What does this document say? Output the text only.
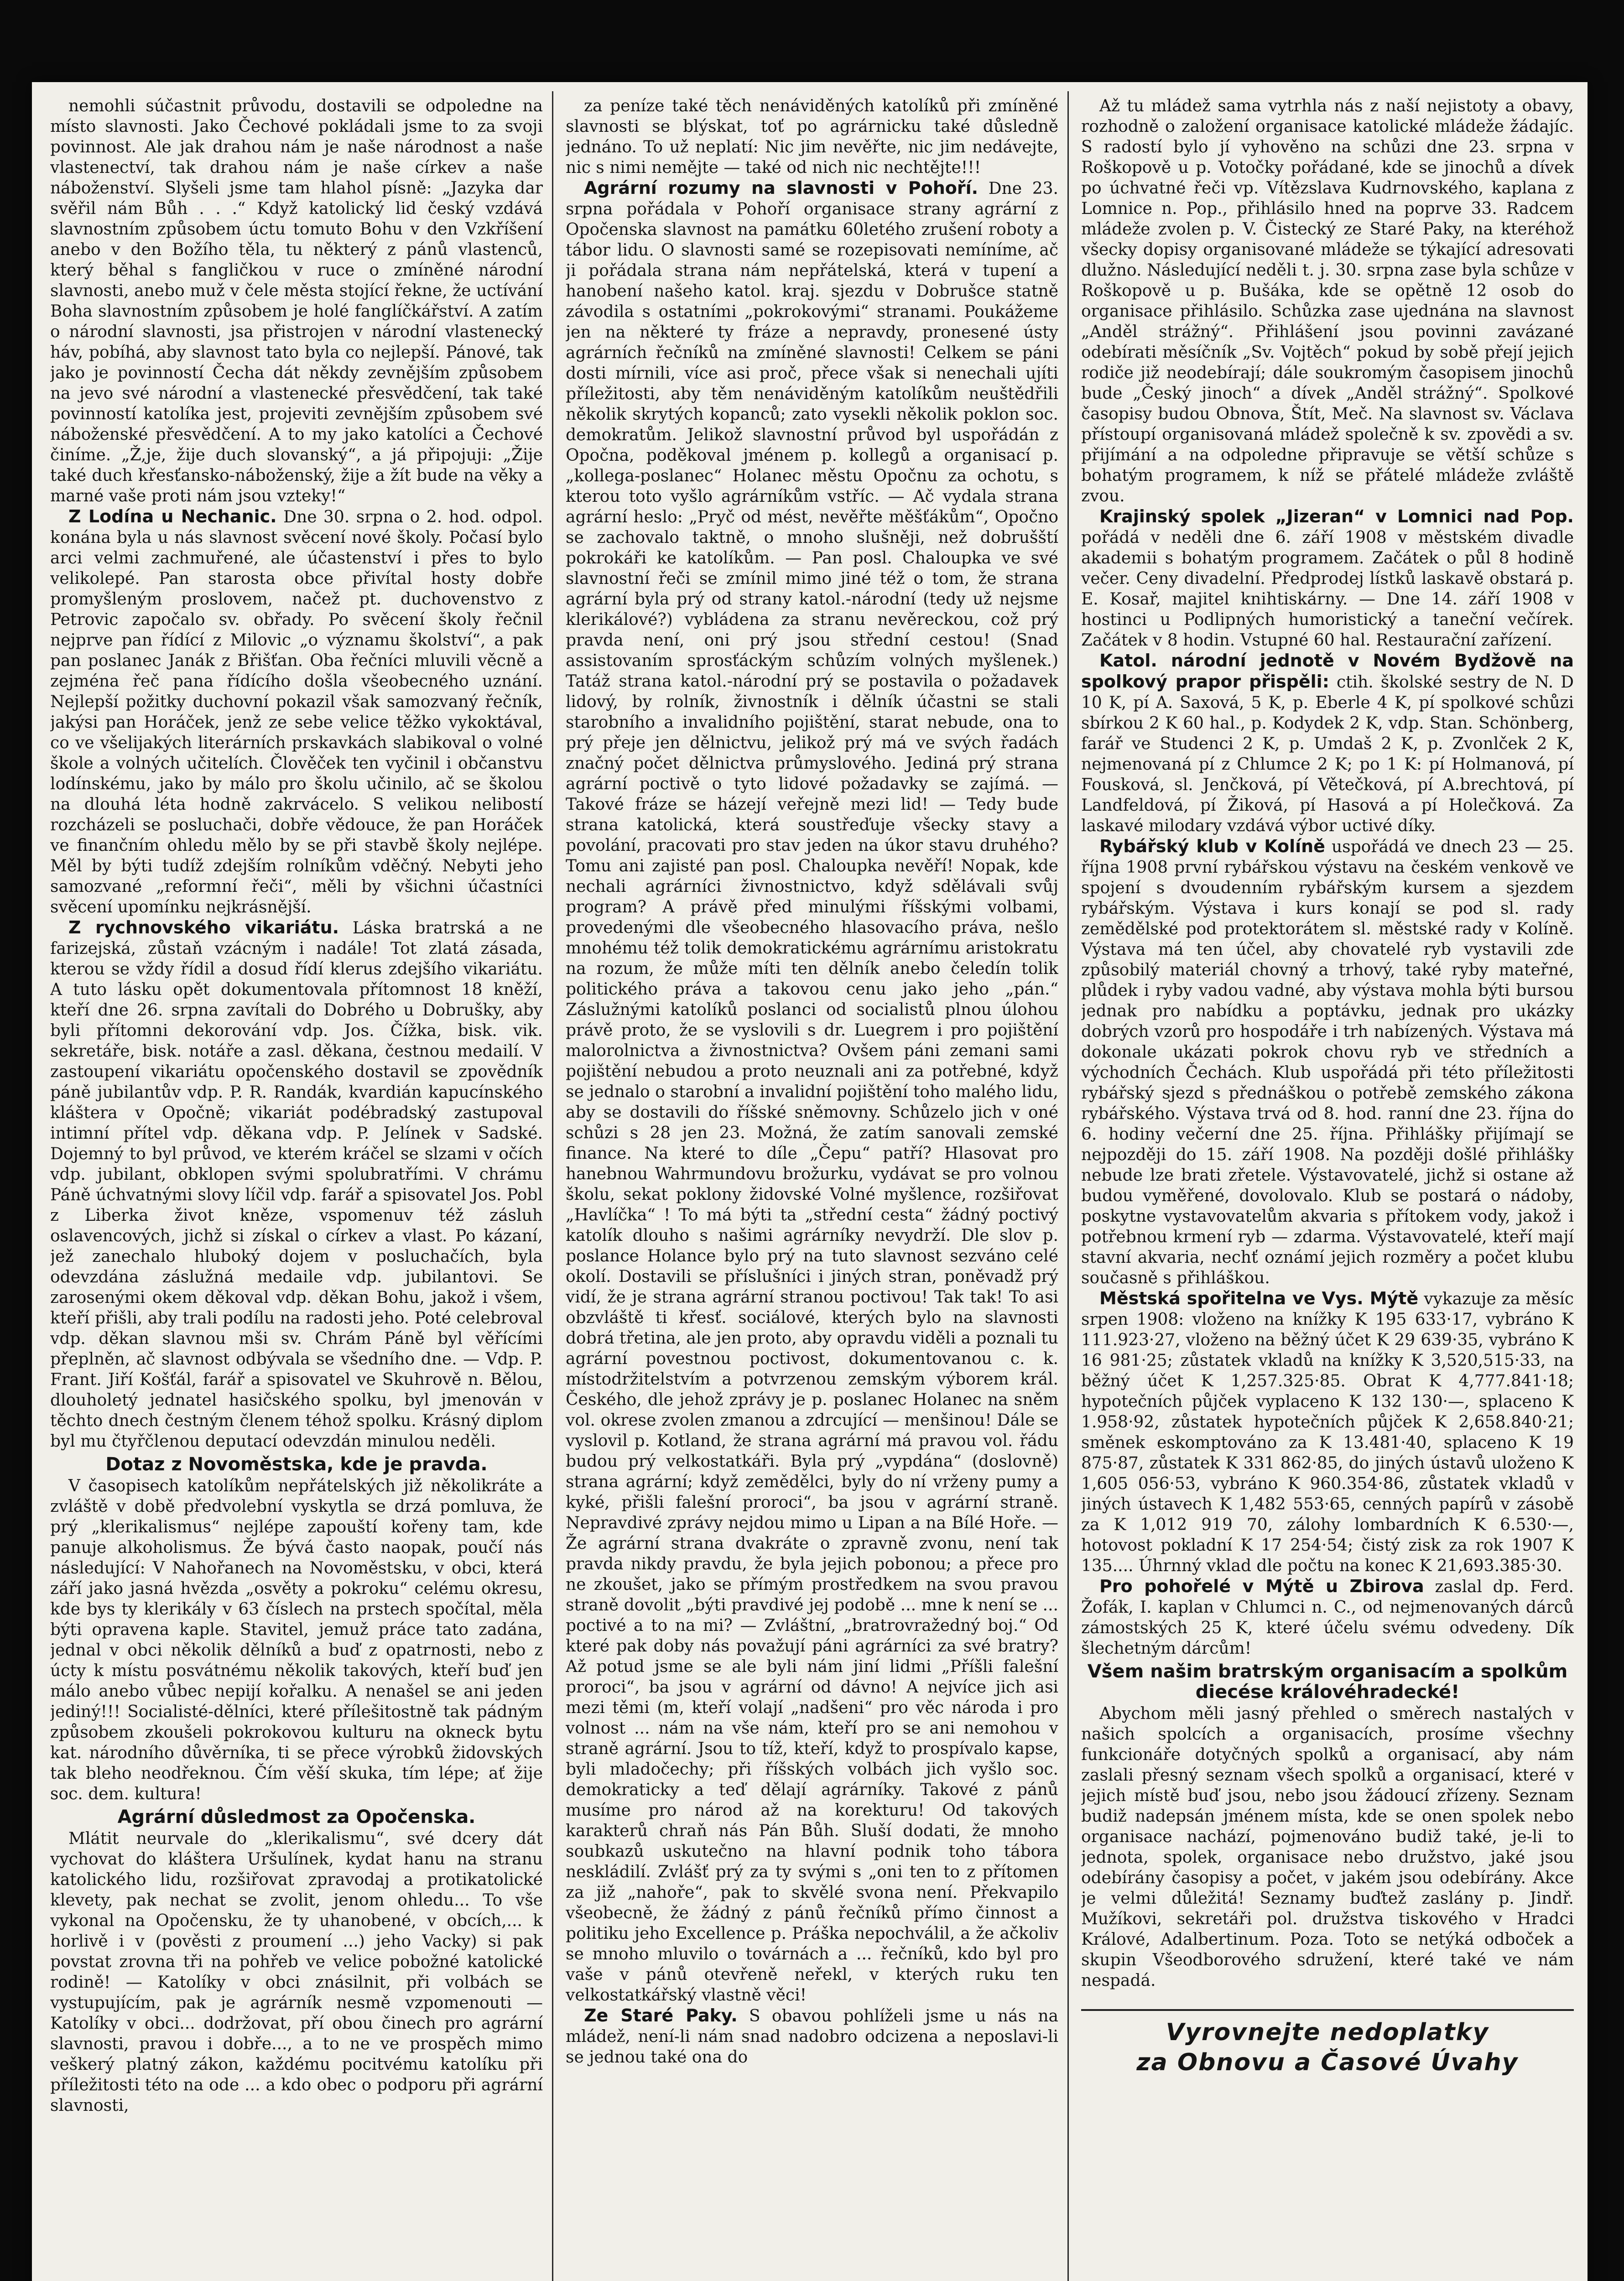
nemohli súčastnit průvodu, dostavili se odpoledne na místo slavnosti. Jako Čechové pokládali jsme to za svoji povinnost. Ale jak drahou nám je naše národnost a naše vlastenectví, tak drahou nám je naše církev a naše náboženství. Slyšeli jsme tam hlahol písně: „Jazyka dar svěřil nám Bůh . . .“ Když katolický lid český vzdává slavnostním způsobem úctu tomuto Bohu v den Vzkříšení anebo v den Božího těla, tu některý z pánů vlastenců, který běhal s fangličkou v ruce o zmíněné národní slavnosti, anebo muž v čele města stojící řekne, že uctívání Boha slavnostním způsobem je holé fanglíčkářství. A zatím o národní slavnosti, jsa přistrojen v národní vlastenecký háv, pobíhá, aby slavnost tato byla co nejlepší. Pánové, tak jako je povinností Čecha dát někdy zevnějším způsobem na jevo své národní a vlastenecké přesvědčení, tak také povinností katolíka jest, projeviti zevnějším způsobem své náboženské přesvědčení. A to my jako katolíci a Čechové činíme. „Ž,je, žije duch slovanský“, a já připojuji: „Žije také duch křesťansko-náboženský, žije a žít bude na věky a marné vaše proti nám jsou vzteky!“

Z Lodína u Nechanic. Dne 30. srpna o 2. hod. odpol. konána byla u nás slavnost svěcení nové školy. Počasí bylo arci velmi zachmuřené, ale účastenství i přes to bylo velikolepé. Pan starosta obce přivítal hosty dobře promyšleným proslovem, načež pt. duchovenstvo z Petrovic započalo sv. obřady. Po svěcení školy řečnil nejprve pan řídící z Milovic „o významu školství“, a pak pan poslanec Janák z Břišťan. Oba řečníci mluvili věcně a zejména řeč pana řídícího došla všeobecného uznání. Nejlepší požitky duchovní pokazil však samozvaný řečník, jakýsi pan Horáček, jenž ze sebe velice těžko vykoktával, co ve všelijakých literárních prskavkách slabikoval o volné škole a volných učitelích. Člověček ten vyčinil i občanstvu lodínskému, jako by málo pro školu učinilo, ač se školou na dlouhá léta hodně zakrvácelo. S velikou nelibostí rozcházeli se posluchači, dobře vědouce, že pan Horáček ve finančním ohledu mělo by se při stavbě školy nejlépe. Měl by býti tudíž zdejším rolníkům vděčný. Nebyti jeho samozvané „reformní řeči“, měli by všichni účastníci svěcení upomínku nejkrásnější.

Z rychnovského vikariátu. Láska bratrská a ne farizejská, zůstaň vzácným i nadále! Tot zlatá zásada, kterou se vždy řídil a dosud řídí klerus zdejšího vikariátu. A tuto lásku opět dokumentovala přítomnost 18 kněží, kteří dne 26. srpna zavítali do Dobrého u Dobrušky, aby byli přítomni dekorování vdp. Jos. Čížka, bisk. vik. sekretáře, bisk. notáře a zasl. děkana, čestnou medailí. V zastoupení vikariátu opočenského dostavil se zpovědník páně jubilantův vdp. P. R. Randák, kvardián kapucínského kláštera v Opočně; vikariát podébradský zastupoval intimní přítel vdp. děkana vdp. P. Jelínek v Sadské. Dojemný to byl průvod, ve kterém kráčel se slzami v očích vdp. jubilant, obklopen svými spolubratřími. V chrámu Páně úchvatnými slovy líčil vdp. farář a spisovatel Jos. Pobl z Liberka život kněze, vspomenuv též zásluh oslavencových, jichž si získal o církev a vlast. Po kázaní, jež zanechalo hluboký dojem v posluchačích, byla odevzdána záslužná medaile vdp. jubilantovi. Se zarosenými okem děkoval vdp. děkan Bohu, jakož i všem, kteří přišli, aby trali podílu na radosti jeho. Poté celebroval vdp. děkan slavnou mši sv. Chrám Páně byl věřícími přeplněn, ač slavnost odbývala se všedního dne. — Vdp. P. Frant. Jiří Košťál, farář a spisovatel ve Skuhrově n. Bělou, dlouholetý jednatel hasičského spolku, byl jmenován v těchto dnech čestným členem téhož spolku. Krásný diplom byl mu čtyřčlenou deputací odevzdán minulou neděli.

Dotaz z Novoměstska, kde je pravda.

V časopisech katolíkům nepřátelských již několikráte a zvláště v době předvolební vyskytla se drzá pomluva, že prý „klerikalismus“ nejlépe zapouští kořeny tam, kde panuje alkoholismus. Že bývá často naopak, poučí nás následující: V Nahořanech na Novoměstsku, v obci, která září jako jasná hvězda „osvěty a pokroku“ celému okresu, kde bys ty klerikály v 63 číslech na prstech spočítal, měla býti opravena kaple. Stavitel, jemuž práce tato zadána, jednal v obci několik dělníků a buď z opatrnosti, nebo z úcty k místu posvátnému několik takových, kteří buď jen málo anebo vůbec nepijí kořalku. A nenašel se ani jeden jediný!!! Socialisté-dělníci, které přílešitostně tak pádným způsobem zkoušeli pokrokovou kulturu na okneck bytu kat. národního důvěrníka, ti se přece výrobků židovských tak bleho neodřeknou. Čím věší skuka, tím lépe; ať žije soc. dem. kultura!

Agrární důsledmost za Opočenska.

Mlátit neurvale do „klerikalismu“, své dcery dát vychovat do kláštera Uršulínek, kydat hanu na stranu katolického lidu, rozšiřovat zpravodaj a protikatolické klevety, pak nechat se zvolit, jenom ohledu... To vše vykonal na Opočensku, že ty uhanobené, v obcích,... k horlivě i v (pověsti z proumení ...) jeho Vacky) si pak povstat zrovna tři na pohřeb ve velice pobožné katolické rodině! — Katolíky v obci znásilnit, při volbách se vystupujícím, pak je agrárník nesmě vzpomenouti — Katolíky v obci... dodržovat, pří obou činech pro agrární slavnosti, pravou i dobře..., a to ne ve prospěch mimo veškerý platný zákon, každému pocitvému katolíku při příležitosti této na ode ... a kdo obec o podporu při agrární slavnosti,

za peníze také těch nenáviděných katolíků při zmíněné slavnosti se blýskat, toť po agrárnicku také důsledně jednáno. To už neplatí: Nic jim nevěřte, nic jim nedávejte, nic s nimi nemějte — také od nich nic nechtějte!!!

Agrární rozumy na slavnosti v Pohoří. Dne 23. srpna pořádala v Pohoří organisace strany agrární z Opočenska slavnost na památku 60letého zrušení roboty a tábor lidu. O slavnosti samé se rozepisovati nemíníme, ač ji pořádala strana nám nepřátelská, která v tupení a hanobení našeho katol. kraj. sjezdu v Dobrušce statně závodila s ostatními „pokrokovými“ stranami. Poukážeme jen na některé ty fráze a nepravdy, pronesené ústy agrárních řečníků na zmíněné slavnosti! Celkem se páni dosti mírnili, více asi proč, přece však si nenechali ujíti příležitosti, aby těm nenáviděným katolíkům neuštědřili několik skrytých kopanců; zato vysekli několik poklon soc. demokratům. Jelikož slavnostní průvod byl uspořádán z Opočna, poděkoval jménem p. kollegů a organisací p. „kollega-poslanec“ Holanec městu Opočnu za ochotu, s kterou toto vyšlo agrárníkům vstříc. — Ač vydala strana agrární heslo: „Pryč od mést, nevěřte měšťákům“, Opočno se zachovalo taktně, o mnoho slušněji, než dobrušští pokrokáři ke katolíkům. — Pan posl. Chaloupka ve své slavnostní řeči se zmínil mimo jiné též o tom, že strana agrární byla prý od strany katol.-národní (tedy už nejsme klerikálové?) vybládena za stranu nevěreckou, což prý pravda není, oni prý jsou střední cestou! (Snad assistovaním sprosťáckým schůzím volných myšlenek.) Tatáž strana katol.-národní prý se postavila o požadavek lidový, by rolník, živnostník i dělník účastni se stali starobního a invalidního pojištění, starat nebude, ona to prý přeje jen dělnictvu, jelikož prý má ve svých řadách značný počet dělnictva průmyslového. Jediná prý strana agrární poctivě o tyto lidové požadavky se zajímá. — Takové fráze se házejí veřejně mezi lid! — Tedy bude strana katolická, která soustřeďuje všecky stavy a povolání, pracovati pro stav jeden na úkor stavu druhého? Tomu ani zajisté pan posl. Chaloupka nevěří! Nopak, kde nechali agrárníci živnostnictvo, když sdělávali svůj program? A právě před minulými říšskými volbami, provedenými dle všeobecného hlasovacího práva, nešlo mnohému též tolik demokratickému agrárnímu aristokratu na rozum, že může míti ten dělník anebo čeledín tolik politického práva a takovou cenu jako jeho „pán.“ Záslužnými katolíků poslanci od socialistů plnou úlohou právě proto, že se vyslovili s dr. Luegrem i pro pojištění malorolnictva a živnostnictva? Ovšem páni zemani sami pojištění nebudou a proto neuznali ani za potřebné, když se jednalo o starobní a invalidní pojištění toho malého lidu, aby se dostavili do říšské sněmovny. Schůzelo jich v oné schůzi s 28 jen 23. Možná, že zatím sanovali zemské finance. Na které to díle „Čepu“ patří? Hlasovat pro hanebnou Wahrmundovu brožurku, vydávat se pro volnou školu, sekat poklony židovské Volné myšlence, rozšiřovat „Havlíčka“ ! To má býti ta „střední cesta“ žádný poctivý katolík dlouho s našimi agrárníky nevydrží. Dle slov p. poslance Holance bylo prý na tuto slavnost sezváno celé okolí. Dostavili se příslušníci i jiných stran, poněvadž prý vidí, že je strana agrární stranou poctivou! Tak tak! To asi obzvláště ti křesť. sociálové, kterých bylo na slavnosti dobrá třetina, ale jen proto, aby opravdu viděli a poznali tu agrární povestnou poctivost, dokumentovanou c. k. místodržitelstvím a potvrzenou zemským výborem král. Českého, dle jehož zprávy je p. poslanec Holanec na sněm vol. okrese zvolen zmanou a zdrcující — menšinou! Dále se vyslovil p. Kotland, že strana agrární má pravou vol. řádu budou prý velkostatkáři. Byla prý „vypdána“ (doslovně) strana agrární; když zemědělci, byly do ní vrženy pumy a kyké, přišli falešní proroci“, ba jsou v agrární straně. Nepravdivé zprávy nejdou mimo u Lipan a na Bílé Hoře. — Že agrární strana dvakráte o zpravně zvonu, není tak pravda nikdy pravdu, že byla jejich pobonou; a přece pro ne zkoušet, jako se přímým prostředkem na svou pravou straně dovolit „býti pravdivé jej podobě ... mne k není se ... poctivé a to na mi? — Zvláštní, „bratrovražedný boj.“ Od které pak doby nás považují páni agrárníci za své bratry? Až potud jsme se ale byli nám jiní lidmi „Příšli falešní proroci“, ba jsou v agrární od dávno! A nejvíce jich asi mezi těmi (m, kteří volají „nadšeni“ pro věc národa i pro volnost ... nám na vše nám, kteří pro se ani nemohou v straně agrární. Jsou to tíž, kteří, když to prospívalo kapse, byli mladočechy; při říšských volbách jich vyšlo soc. demokraticky a teď dělají agrárníky. Takové z pánů musíme pro národ až na korekturu! Od takových karakterů chraň nás Pán Bůh. Sluší dodati, že mnoho soubkazů uskutečno na hlavní podnik toho tábora neskládilí. Zvlášť prý za ty svými s „oni ten to z přítomen za již „nahoře“, pak to skvělé svona není. Překvapilo všeobecně, že žádný z pánů řečníků přímo činnost a politiku jeho Excellence p. Práška nepochválil, a že ačkoliv se mnoho mluvilo o továrnách a ... řečníků, kdo byl pro vaše v pánů otevřeně neřekl, v kterých ruku ten velkostatkářský vlastně věci!

Ze Staré Paky. S obavou pohlíželi jsme u nás na mládež, není-li nám snad nadobro odcizena a neposlavi-li se jednou také ona do

Až tu mládež sama vytrhla nás z naší nejistoty a obavy, rozhodně o založení organisace katolické mládeže žádajíc. S radostí bylo jí vyhověno na schůzi dne 23. srpna v Roškopově u p. Votočky pořádané, kde se jinochů a dívek po úchvatné řeči vp. Vítězslava Kudrnovského, kaplana z Lomnice n. Pop., přihlásilo hned na poprve 33. Radcem mládeže zvolen p. V. Čistecký ze Staré Paky, na kteréhož všecky dopisy organisované mládeže se týkající adresovati dlužno. Následující neděli t. j. 30. srpna zase byla schůze v Roškopově u p. Bušáka, kde se opětně 12 osob do organisace přihlásilo. Schůzka zase ujednána na slavnost „Anděl strážný“. Přihlášení jsou povinni zavázané odebírati měsíčník „Sv. Vojtěch“ pokud by sobě přejí jejich rodiče již neodebírají; dále soukromým časopisem jinochů bude „Český jinoch“ a dívek „Anděl strážný“. Spolkové časopisy budou Obnova, Štít, Meč. Na slavnost sv. Václava přístoupí organisovaná mládež společně k sv. zpovědi a sv. přijímání a na odpoledne připravuje se větší schůze s bohatým programem, k níž se přátelé mládeže zvláště zvou.

Krajinský spolek „Jizeran“ v Lomnici nad Pop. pořádá v neděli dne 6. září 1908 v městském divadle akademii s bohatým programem. Začátek o půl 8 hodině večer. Ceny divadelní. Předprodej lístků laskavě obstará p. E. Kosař, majitel knihtiskárny. — Dne 14. září 1908 v hostinci u Podlipných humoristický a taneční večírek. Začátek v 8 hodin. Vstupné 60 hal. Restaurační zařízení.

Katol. národní jednotě v Novém Bydžově na spolkový prapor přispěli: ctih. školské sestry de N. D 10 K, pí A. Saxová, 5 K, p. Eberle 4 K, pí spolkové schůzi sbírkou 2 K 60 hal., p. Kodydek 2 K, vdp. Stan. Schönberg, farář ve Studenci 2 K, p. Umdaš 2 K, p. Zvonlček 2 K, nejmenovaná pí z Chlumce 2 K; po 1 K: pí Holmanová, pí Fousková, sl. Jenčková, pí Větečková, pí A.brechtová, pí Landfeldová, pí Žiková, pí Hasová a pí Holečková. Za laskavé milodary vzdává výbor uctivé díky.

Rybářský klub v Kolíně uspořádá ve dnech 23 — 25. října 1908 první rybářskou výstavu na českém venkově ve spojení s dvoudenním rybářským kursem a sjezdem rybářským. Výstava i kurs konají se pod sl. rady zemědělské pod protektorátem sl. městské rady v Kolíně. Výstava má ten účel, aby chovatelé ryb vystavili zde způsobilý materiál chovný a trhový, také ryby mateřné, plůdek i ryby vadou vadné, aby výstava mohla býti bursou jednak pro nabídku a poptávku, jednak pro ukázky dobrých vzorů pro hospodáře i trh nabízených. Výstava má dokonale ukázati pokrok chovu ryb ve středních a východních Čechách. Klub uspořádá při této příležitosti rybářský sjezd s přednáškou o potřebě zemského zákona rybářského. Výstava trvá od 8. hod. ranní dne 23. října do 6. hodiny večerní dne 25. října. Přihlášky přijímají se nejpozději do 15. září 1908. Na později došlé přihlášky nebude lze brati zřetele. Výstavovatelé, jichž si ostane až budou vyměřené, dovolovalo. Klub se postará o nádoby, poskytne vystavovatelům akvaria s přítokem vody, jakož i potřebnou krmení ryb — zdarma. Výstavovatelé, kteří mají stavní akvaria, nechť oznámí jejich rozměry a počet klubu současně s přihláškou.

Městská spořitelna ve Vys. Mýtě vykazuje za měsíc srpen 1908: vloženo na knížky K 195 633·17, vybráno K 111.923·27, vloženo na běžný účet K 29 639·35, vybráno K 16 981·25; zůstatek vkladů na knížky K 3,520,515·33, na běžný účet K 1,257.325·85. Obrat K 4,777.841·18; hypotečních půjček vyplaceno K 132 130·—, splaceno K 1.958·92, zůstatek hypotečních půjček K 2,658.840·21; směnek eskomptováno za K 13.481·40, splaceno K 19 875·87, zůstatek K 331 862·85, do jiných ústavů uloženo K 1,605 056·53, vybráno K 960.354·86, zůstatek vkladů v jiných ústavech K 1,482 553·65, cenných papírů v zásobě za K 1,012 919 70, zálohy lombardních K 6.530·—, hotovost pokladní K 17 254·54; čistý zisk za rok 1907 K 135.... Úhrnný vklad dle počtu na konec K 21,693.385·30.

Pro pohořelé v Mýtě u Zbirova zaslal dp. Ferd. Žofák, I. kaplan v Chlumci n. C., od nejmenovaných dárců zámostských 25 K, které účelu svému odvedeny. Dík šlechetným dárcům!

Všem našim bratrským organisacím a spolkům diecése královéhradecké!

Abychom měli jasný přehled o směrech nastalých v našich spolcích a organisacích, prosíme všechny funkcionáře dotyčných spolků a organisací, aby nám zaslali přesný seznam všech spolků a organisací, které v jejich místě buď jsou, nebo jsou žádoucí zřízeny. Seznam budiž nadepsán jménem místa, kde se onen spolek nebo organisace nachází, pojmenováno budiž také, je-li to jednota, spolek, organisace nebo družstvo, jaké jsou odebírány časopisy a počet, v jakém jsou odebírány. Akce je velmi důležitá! Seznamy buďtež zaslány p. Jindř. Mužíkovi, sekretáři pol. družstva tiskového v Hradci Králové, Adalbertinum. Poza. Toto se netýká odboček a skupin Všeodborového sdružení, které také ve nám nespadá.

Vyrovnejte nedoplatky
za Obnovu a Časové Úvahy
